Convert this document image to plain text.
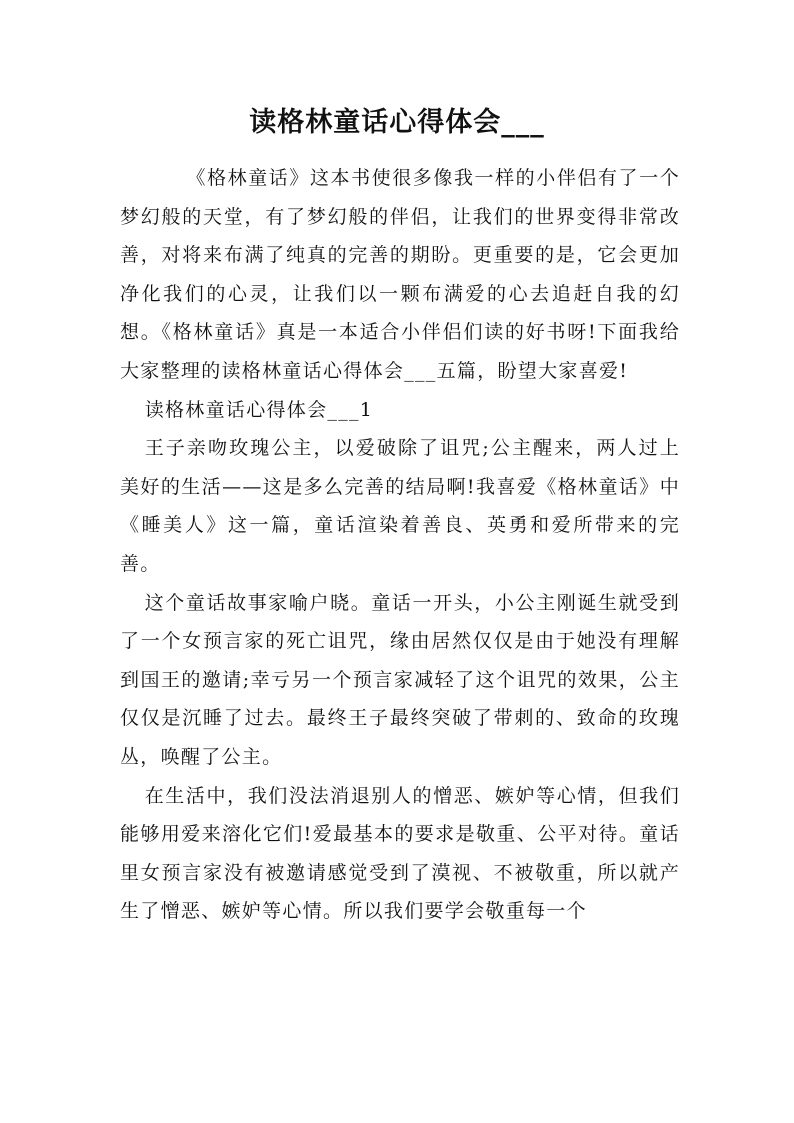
读格林童话心得体会___

《格林童话》这本书使很多像我一样的小伴侣有了一个梦幻般的天堂，有了梦幻般的伴侣，让我们的世界变得非常改善，对将来布满了纯真的完善的期盼。更重要的是，它会更加净化我们的心灵，让我们以一颗布满爱的心去追赶自我的幻想。《格林童话》真是一本适合小伴侣们读的好书呀!下面我给大家整理的读格林童话心得体会___五篇，盼望大家喜爱!

读格林童话心得体会___1

王子亲吻玫瑰公主，以爱破除了诅咒;公主醒来，两人过上美好的生活——这是多么完善的结局啊!我喜爱《格林童话》中《睡美人》这一篇，童话渲染着善良、英勇和爱所带来的完善。

这个童话故事家喻户晓。童话一开头，小公主刚诞生就受到了一个女预言家的死亡诅咒，缘由居然仅仅是由于她没有理解到国王的邀请;幸亏另一个预言家减轻了这个诅咒的效果，公主仅仅是沉睡了过去。最终王子最终突破了带刺的、致命的玫瑰丛，唤醒了公主。

在生活中，我们没法消退别人的憎恶、嫉妒等心情，但我们能够用爱来溶化它们!爱最基本的要求是敬重、公平对待。童话里女预言家没有被邀请感觉受到了漠视、不被敬重，所以就产生了憎恶、嫉妒等心情。所以我们要学会敬重每一个
